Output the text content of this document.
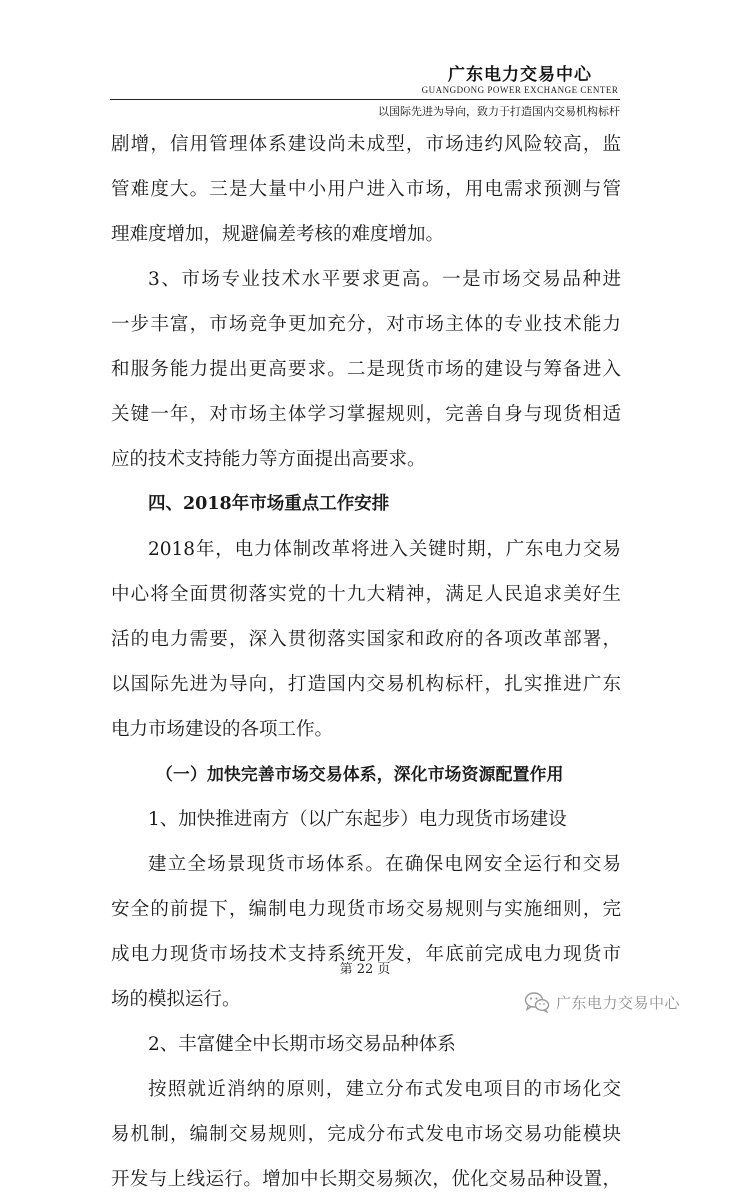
广东电力交易中心
GUANGDONG POWER EXCHANGE CENTER
以国际先进为导向，致力于打造国内交易机构标杆
剧增，信用管理体系建设尚未成型，市场违约风险较高，监
管难度大。三是大量中小用户进入市场，用电需求预测与管
理难度增加，规避偏差考核的难度增加。
3、市场专业技术水平要求更高。一是市场交易品种进
一步丰富，市场竞争更加充分，对市场主体的专业技术能力
和服务能力提出更高要求。二是现货市场的建设与筹备进入
关键一年，对市场主体学习掌握规则，完善自身与现货相适
应的技术支持能力等方面提出高要求。
四、2018年市场重点工作安排
2018年，电力体制改革将进入关键时期，广东电力交易
中心将全面贯彻落实党的十九大精神，满足人民追求美好生
活的电力需要，深入贯彻落实国家和政府的各项改革部署，
以国际先进为导向，打造国内交易机构标杆，扎实推进广东
电力市场建设的各项工作。
（一）加快完善市场交易体系，深化市场资源配置作用
1、加快推进南方（以广东起步）电力现货市场建设
建立全场景现货市场体系。在确保电网安全运行和交易
安全的前提下，编制电力现货市场交易规则与实施细则，完
成电力现货市场技术支持系统开发，年底前完成电力现货市
场的模拟运行。
2、丰富健全中长期市场交易品种体系
按照就近消纳的原则，建立分布式发电项目的市场化交
易机制，编制交易规则，完成分布式发电市场交易功能模块
开发与上线运行。增加中长期交易频次，优化交易品种设置，
第 22 页
广东电力交易中心
